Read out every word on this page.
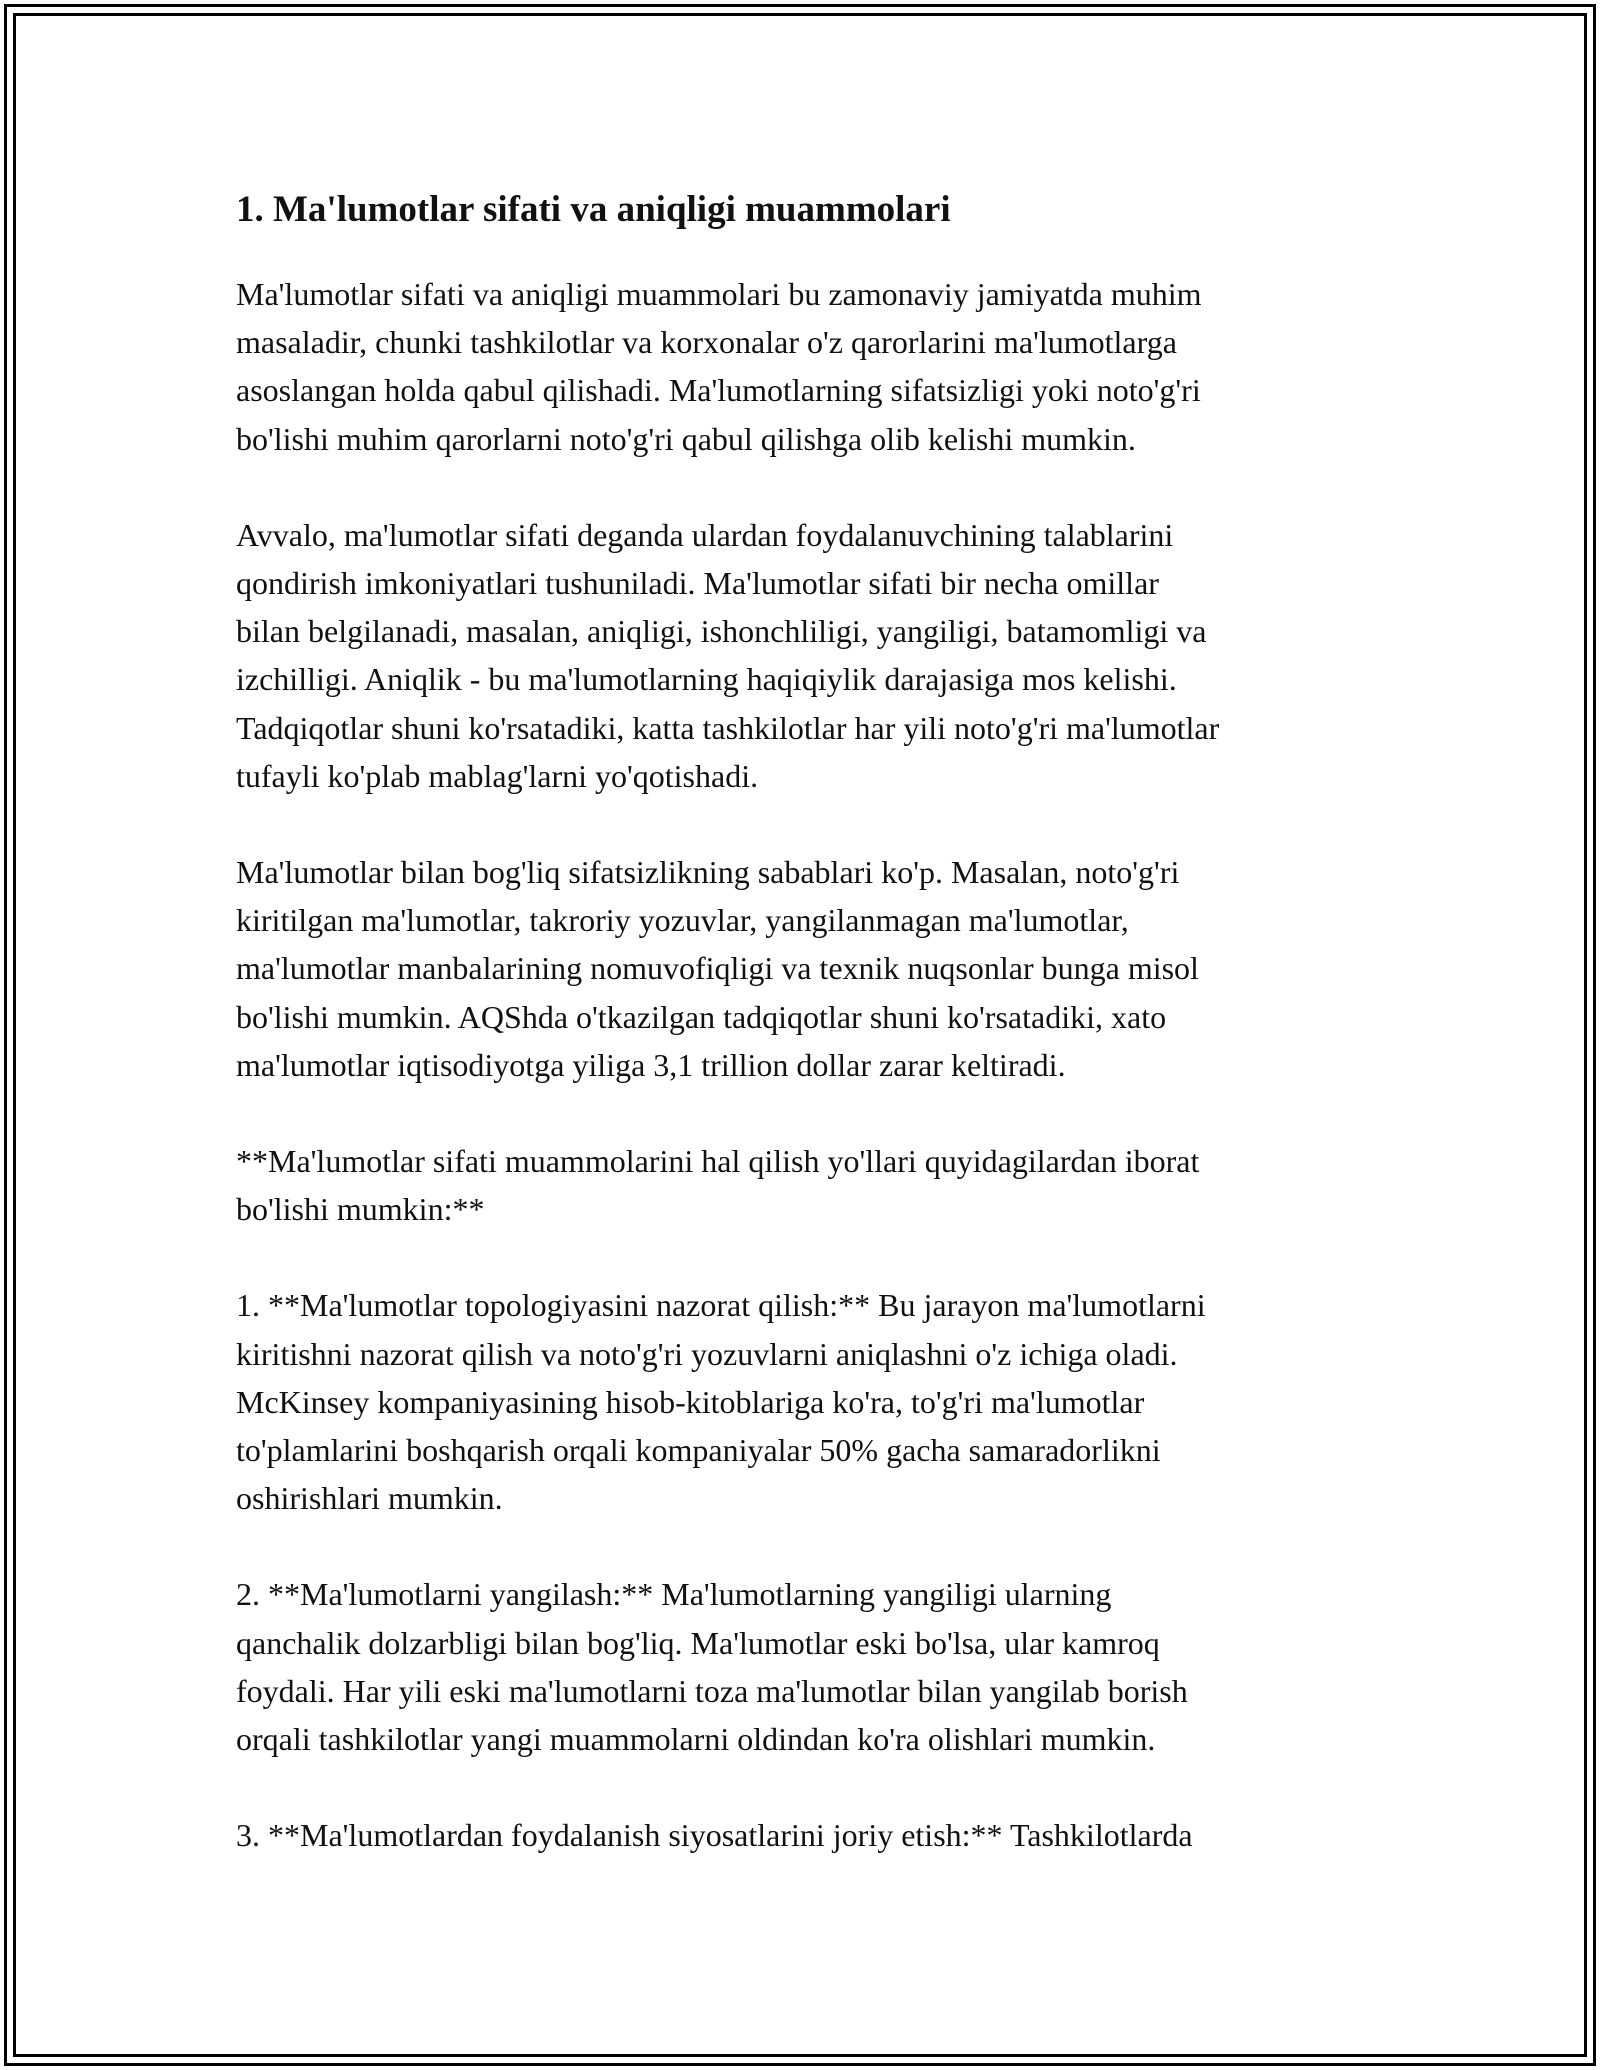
1. Ma'lumotlar sifati va aniqligi muammolari

Ma'lumotlar sifati va aniqligi muammolari bu zamonaviy jamiyatda muhim
masaladir, chunki tashkilotlar va korxonalar o'z qarorlarini ma'lumotlarga
asoslangan holda qabul qilishadi. Ma'lumotlarning sifatsizligi yoki noto'g'ri
bo'lishi muhim qarorlarni noto'g'ri qabul qilishga olib kelishi mumkin.

Avvalo, ma'lumotlar sifati deganda ulardan foydalanuvchining talablarini
qondirish imkoniyatlari tushuniladi. Ma'lumotlar sifati bir necha omillar
bilan belgilanadi, masalan, aniqligi, ishonchliligi, yangiligi, batamomligi va
izchilligi. Aniqlik - bu ma'lumotlarning haqiqiylik darajasiga mos kelishi.
Tadqiqotlar shuni ko'rsatadiki, katta tashkilotlar har yili noto'g'ri ma'lumotlar
tufayli ko'plab mablag'larni yo'qotishadi.

Ma'lumotlar bilan bog'liq sifatsizlikning sabablari ko'p. Masalan, noto'g'ri
kiritilgan ma'lumotlar, takroriy yozuvlar, yangilanmagan ma'lumotlar,
ma'lumotlar manbalarining nomuvofiqligi va texnik nuqsonlar bunga misol
bo'lishi mumkin. AQShda o'tkazilgan tadqiqotlar shuni ko'rsatadiki, xato
ma'lumotlar iqtisodiyotga yiliga 3,1 trillion dollar zarar keltiradi.

**Ma'lumotlar sifati muammolarini hal qilish yo'llari quyidagilardan iborat
bo'lishi mumkin:**

1. **Ma'lumotlar topologiyasini nazorat qilish:** Bu jarayon ma'lumotlarni
kiritishni nazorat qilish va noto'g'ri yozuvlarni aniqlashni o'z ichiga oladi.
McKinsey kompaniyasining hisob-kitoblariga ko'ra, to'g'ri ma'lumotlar
to'plamlarini boshqarish orqali kompaniyalar 50% gacha samaradorlikni
oshirishlari mumkin.

2. **Ma'lumotlarni yangilash:** Ma'lumotlarning yangiligi ularning
qanchalik dolzarbligi bilan bog'liq. Ma'lumotlar eski bo'lsa, ular kamroq
foydali. Har yili eski ma'lumotlarni toza ma'lumotlar bilan yangilab borish
orqali tashkilotlar yangi muammolarni oldindan ko'ra olishlari mumkin.

3. **Ma'lumotlardan foydalanish siyosatlarini joriy etish:** Tashkilotlarda
